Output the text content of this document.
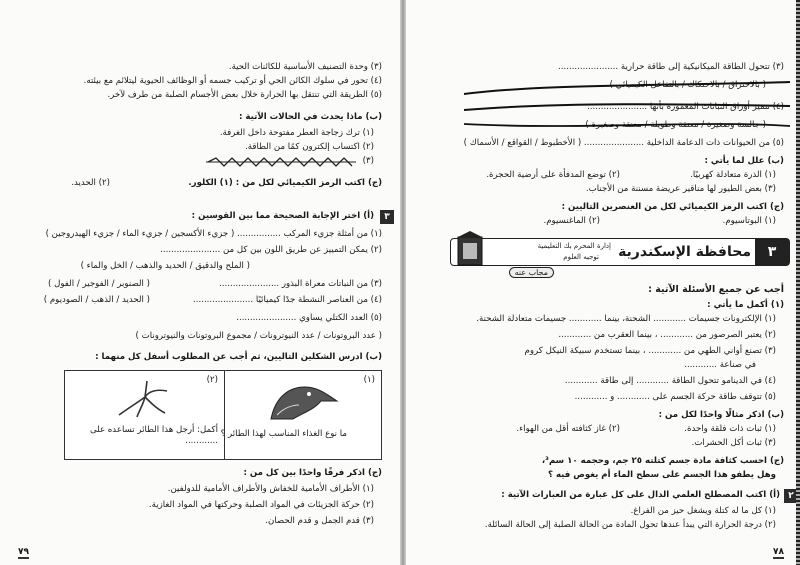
(٣) وحدة التصنيف الأساسية للكائنات الحية.
(٤) تحور في سلوك الكائن الحي أو تركيب جسمه أو الوظائف الحيوية ليتلائم مع بيئته.
(٥) الطريقة التي تنتقل بها الحرارة خلال بعض الأجسام الصلبة من طرف لآخر.
(ب) ماذا يحدث في الحالات الآتية :
(١) ترك زجاجة العطر مفتوحة داخل الغرفة.
(٢) اكتساب إلكترون كمًا من الطاقة.
(٣)
(ج) اكتب الرمز الكيميائي لكل من : (١) الكلور.
(٢) الحديد.
٣
(أ) اختر الإجابة الصحيحة مما بين القوسين :
(١) من أمثلة جزيء المركب ................ ( جزيء الأكسجين / جزيء الماء / جزيء الهيدروجين )
(٢) يمكن التمييز عن طريق اللون بين كل من ......................
( الملح والدقيق / الحديد والذهب / الخل والماء )
(٣) من النباتات معراة البذور ......................
( الصنوبر / الفوجير / الفول )
(٤) من العناصر النشطة جدًا كيميائيًا ......................
( الحديد / الذهب / الصوديوم )
(٥) العدد الكتلي يساوي ......................
( عدد البروتونات / عدد النيوترونات / مجموع البروتونات والنيوترونات )
(ب) ادرس الشكلين التاليين، ثم أجب عن المطلوب أسفل كل منهما :
(١)
ما نوع الغذاء المناسب لهذا الطائر ؟
(٢)
أكمل: أرجل هذا الطائر تساعده على ............
(ج) اذكر فرقًا واحدًا بين كل من :
(١) الأطراف الأمامية للخفاش والأطراف الأمامية للدولفين.
(٢) حركة الجزيئات في المواد الصلبة وحركتها في المواد الغازية.
(٣) قدم الجمل و قدم الحصان.
٧٩
(٣) تتحول الطاقة الميكانيكية إلى طاقة حرارية ......................
( بالاحتراق / بالاحتكاك / بالتفاعل الكيميائي )
(٤) تتميز أوراق النباتات المغمورة بأنها ......................
( جالسة وصغيرة / معنقة وطويلة / معنقة وصغيرة )
(٥) من الحيوانات ذات الدعامة الداخلية ...................... ( الأخطبوط / القواقع / الأسماك )
(ب) علل لما يأتي :
(١) الذرة متعادلة كهربيًا.
(٢) توضع المدفأة على أرضية الحجرة.
(٣) بعض الطيور لها مناقير عريضة مسننة من الأجناب.
(ج) اكتب الرمز الكيميائي لكل من العنصرين التاليين :
(١) البوتاسيوم.
(٢) الماغنسيوم.
٣
محافظة الإسكندرية
إدارة المحرم بك التعليمية
توجيه العلوم
مجاب عنه
أجب عن جميع الأسئلة الآتية :
(١) أكمل ما يأتي :
(١) الإلكترونات جسيمات ............ الشحنة، بينما ............ جسيمات متعادلة الشحنة.
(٢) يعتبر الصرصور من ............ ، بينما العقرب من ............
(٣) تصنع أواني الطهي من ............ ، بينما تستخدم سبيكة النيكل كروم
في صناعة ............
(٤) في الدينامو تتحول الطاقة ............ إلى طاقة ............
(٥) تتوقف طاقة حركة الجسم على ............ و ............
(ب) اذكر مثالًا واحدًا لكل من :
(١) ثبات ذات فلقة واحدة.
(٢) غاز كثافته أقل من الهواء.
(٣) ثبات أكل الحشرات.
(ج) احسب كثافة مادة جسم كتلته ٢٥ جم، وحجمه ١٠ سم³،
وهل يطفو هذا الجسم على سطح الماء أم يغوص فيه ؟
٢
(أ) اكتب المصطلح العلمي الدال على كل عبارة من العبارات الآتية :
(١) كل ما له كتلة ويشغل حيز من الفراغ.
(٢) درجة الحرارة التي يبدأ عندها تحول المادة من الحالة الصلبة إلى الحالة السائلة.
٧٨
